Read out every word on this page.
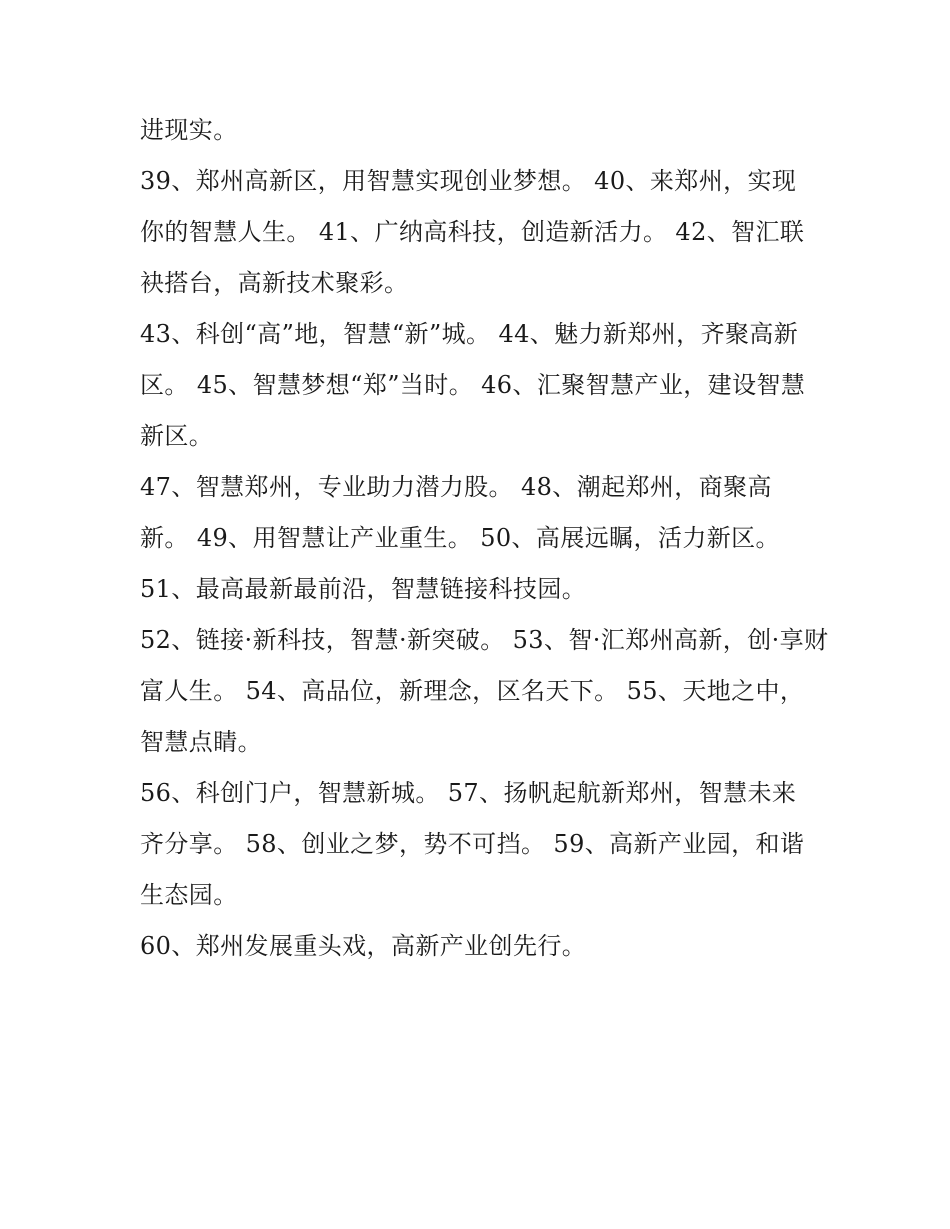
进现实。

39、郑州高新区，用智慧实现创业梦想。 40、来郑州，实现
你的智慧人生。 41、广纳高科技，创造新活力。 42、智汇联
袂搭台，高新技术聚彩。

43、科创“高”地，智慧“新”城。 44、魅力新郑州，齐聚高新
区。 45、智慧梦想“郑”当时。 46、汇聚智慧产业，建设智慧
新区。

47、智慧郑州，专业助力潜力股。 48、潮起郑州，商聚高
新。 49、用智慧让产业重生。 50、高展远瞩，活力新区。

51、最高最新最前沿，智慧链接科技园。

52、链接·新科技，智慧·新突破。 53、智·汇郑州高新，创·享财
富人生。 54、高品位，新理念，区名天下。 55、天地之中，
智慧点睛。

56、科创门户，智慧新城。 57、扬帆起航新郑州，智慧未来
齐分享。 58、创业之梦，势不可挡。 59、高新产业园，和谐
生态园。

60、郑州发展重头戏，高新产业创先行。
